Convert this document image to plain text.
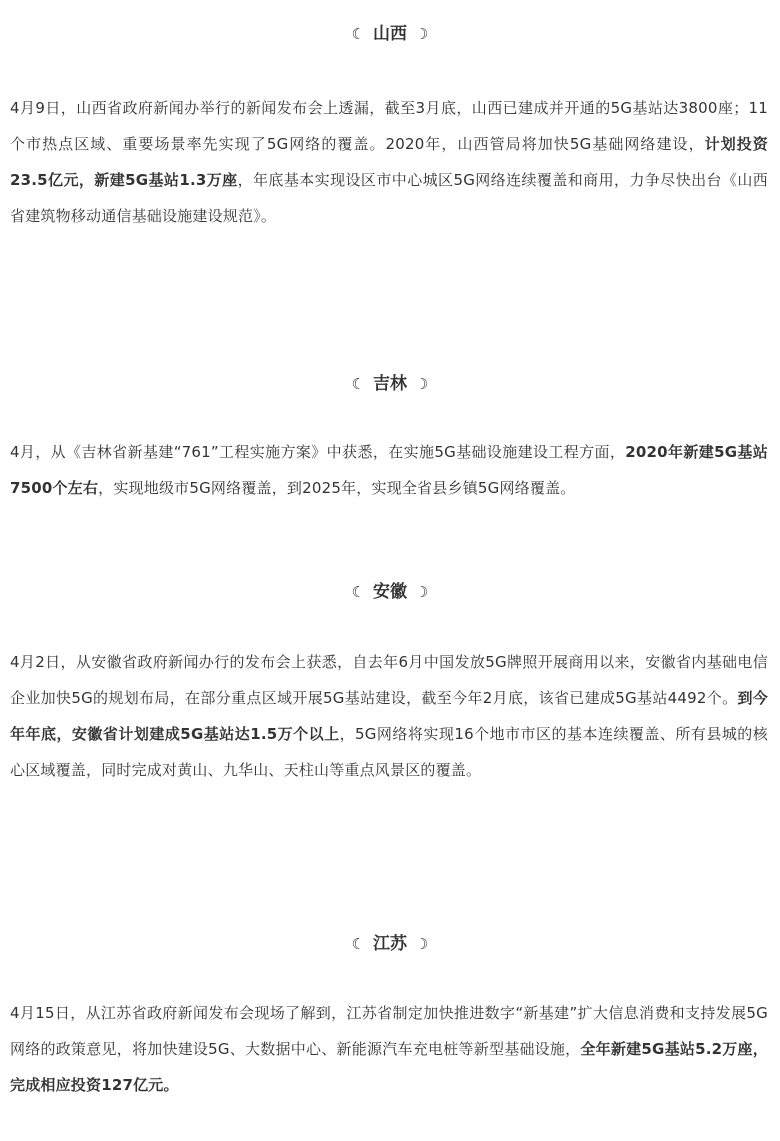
☾ 山西 ☽

4月9日，山西省政府新闻办举行的新闻发布会上透漏，截至3月底，山西已建成并开通的5G基站达3800座；11个市热点区域、重要场景率先实现了5G网络的覆盖。2020年，山西管局将加快5G基础网络建设，计划投资23.5亿元，新建5G基站1.3万座，年底基本实现设区市中心城区5G网络连续覆盖和商用，力争尽快出台《山西省建筑物移动通信基础设施建设规范》。

☾ 吉林 ☽

4月，从《吉林省新基建“761”工程实施方案》中获悉，在实施5G基础设施建设工程方面，2020年新建5G基站7500个左右，实现地级市5G网络覆盖，到2025年，实现全省县乡镇5G网络覆盖。

☾ 安徽 ☽

4月2日，从安徽省政府新闻办行的发布会上获悉，自去年6月中国发放5G牌照开展商用以来，安徽省内基础电信企业加快5G的规划布局，在部分重点区域开展5G基站建设，截至今年2月底，该省已建成5G基站4492个。到今年年底，安徽省计划建成5G基站达1.5万个以上，5G网络将实现16个地市市区的基本连续覆盖、所有县城的核心区域覆盖，同时完成对黄山、九华山、天柱山等重点风景区的覆盖。

☾ 江苏 ☽

4月15日，从江苏省政府新闻发布会现场了解到，江苏省制定加快推进数字“新基建”扩大信息消费和支持发展5G网络的政策意见，将加快建设5G、大数据中心、新能源汽车充电桩等新型基础设施，全年新建5G基站5.2万座，完成相应投资127亿元。
